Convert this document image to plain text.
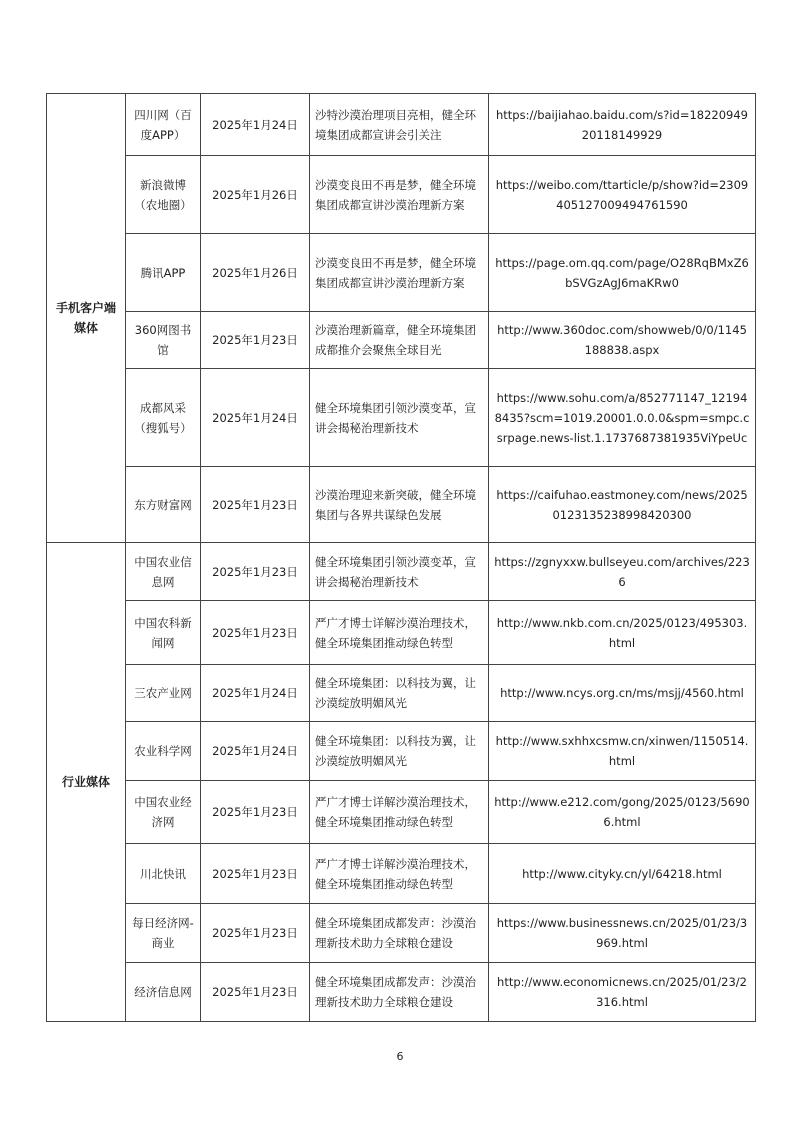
手机客户端媒体	四川网（百度APP）	2025年1月24日	沙特沙漠治理项目亮相，健全环境集团成都宣讲会引关注	https://baijiahao.baidu.com/s?id=1822094920118149929
	新浪微博（农地圈）	2025年1月26日	沙漠变良田不再是梦，健全环境集团成都宣讲沙漠治理新方案	https://weibo.com/ttarticle/p/show?id=2309405127009494761590
	腾讯APP	2025年1月26日	沙漠变良田不再是梦，健全环境集团成都宣讲沙漠治理新方案	https://page.om.qq.com/page/O28RqBMxZ6bSVGzAgJ6maKRw0
	360网图书馆	2025年1月23日	沙漠治理新篇章，健全环境集团成都推介会聚焦全球目光	http://www.360doc.com/showweb/0/0/1145188838.aspx
	成都风采（搜狐号）	2025年1月24日	健全环境集团引领沙漠变革，宣讲会揭秘治理新技术	https://www.sohu.com/a/852771147_121948435?scm=1019.20001.0.0.0&spm=smpc.csrpage.news-list.1.1737687381935ViYpeUc
	东方财富网	2025年1月23日	沙漠治理迎来新突破，健全环境集团与各界共谋绿色发展	https://caifuhao.eastmoney.com/news/20250123135238998420300
行业媒体	中国农业信息网	2025年1月23日	健全环境集团引领沙漠变革，宣讲会揭秘治理新技术	https://zgnyxxw.bullseyeu.com/archives/2236
	中国农科新闻网	2025年1月23日	严广才博士详解沙漠治理技术，健全环境集团推动绿色转型	http://www.nkb.com.cn/2025/0123/495303.html
	三农产业网	2025年1月24日	健全环境集团：以科技为翼，让沙漠绽放明媚风光	http://www.ncys.org.cn/ms/msjj/4560.html
	农业科学网	2025年1月24日	健全环境集团：以科技为翼，让沙漠绽放明媚风光	http://www.sxhhxcsmw.cn/xinwen/1150514.html
	中国农业经济网	2025年1月23日	严广才博士详解沙漠治理技术，健全环境集团推动绿色转型	http://www.e212.com/gong/2025/0123/56906.html
	川北快讯	2025年1月23日	严广才博士详解沙漠治理技术，健全环境集团推动绿色转型	http://www.cityky.cn/yl/64218.html
	每日经济网-商业	2025年1月23日	健全环境集团成都发声：沙漠治理新技术助力全球粮仓建设	https://www.businessnews.cn/2025/01/23/3969.html
	经济信息网	2025年1月23日	健全环境集团成都发声：沙漠治理新技术助力全球粮仓建设	http://www.economicnews.cn/2025/01/23/2316.html
6
